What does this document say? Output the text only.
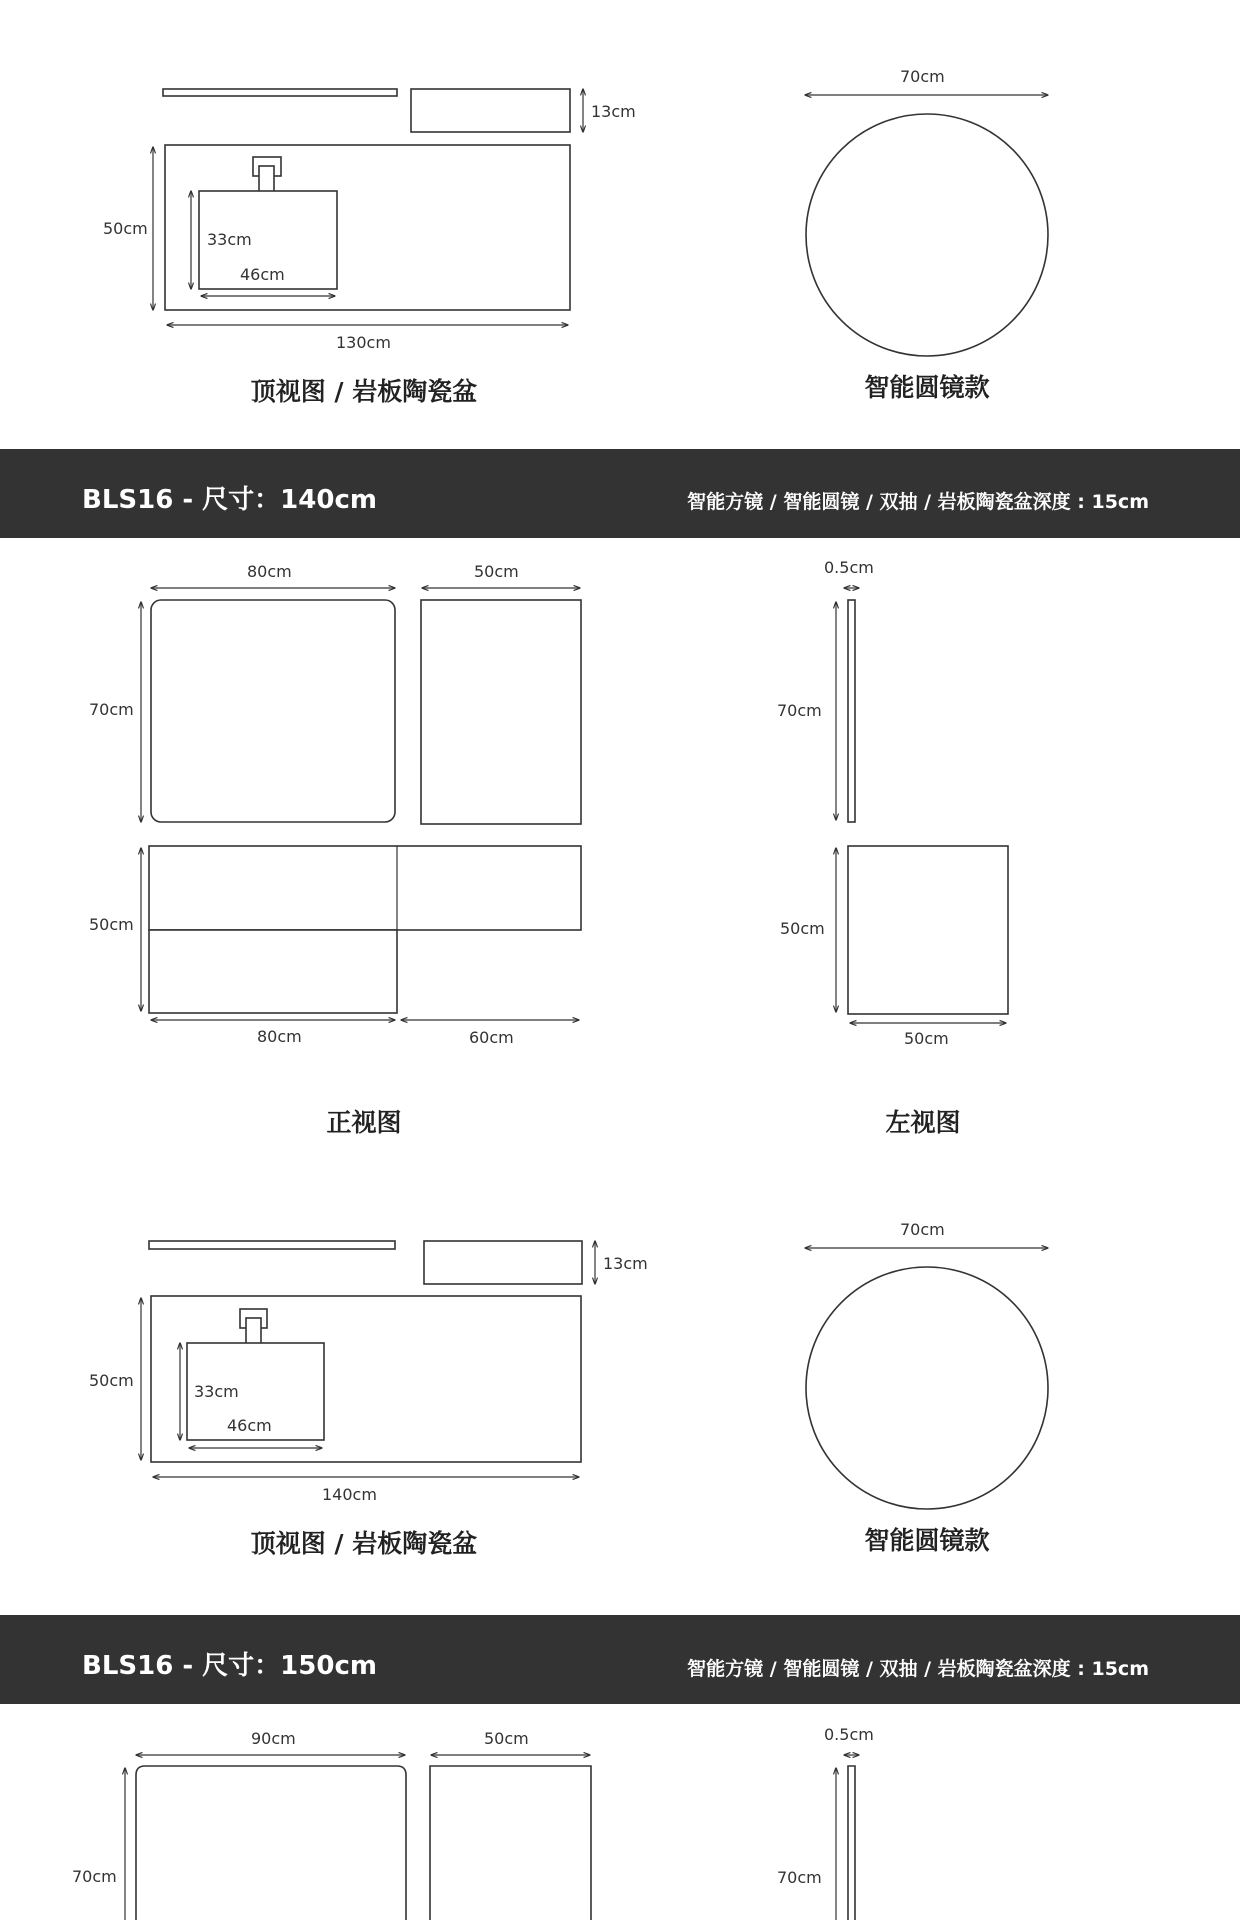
13cm
50cm
33cm
46cm
130cm
顶视图 / 岩板陶瓷盆
70cm
智能圆镜款
BLS16 - 尺寸：140cm	智能方镜 / 智能圆镜 / 双抽 / 岩板陶瓷盆深度 : 15cm
80cm	50cm
70cm
50cm
80cm	60cm
正视图
0.5cm
70cm
50cm
50cm
左视图
13cm
50cm
33cm
46cm
140cm
顶视图 / 岩板陶瓷盆
70cm
智能圆镜款
BLS16 - 尺寸：150cm	智能方镜 / 智能圆镜 / 双抽 / 岩板陶瓷盆深度 : 15cm
90cm	50cm
70cm
0.5cm
70cm
